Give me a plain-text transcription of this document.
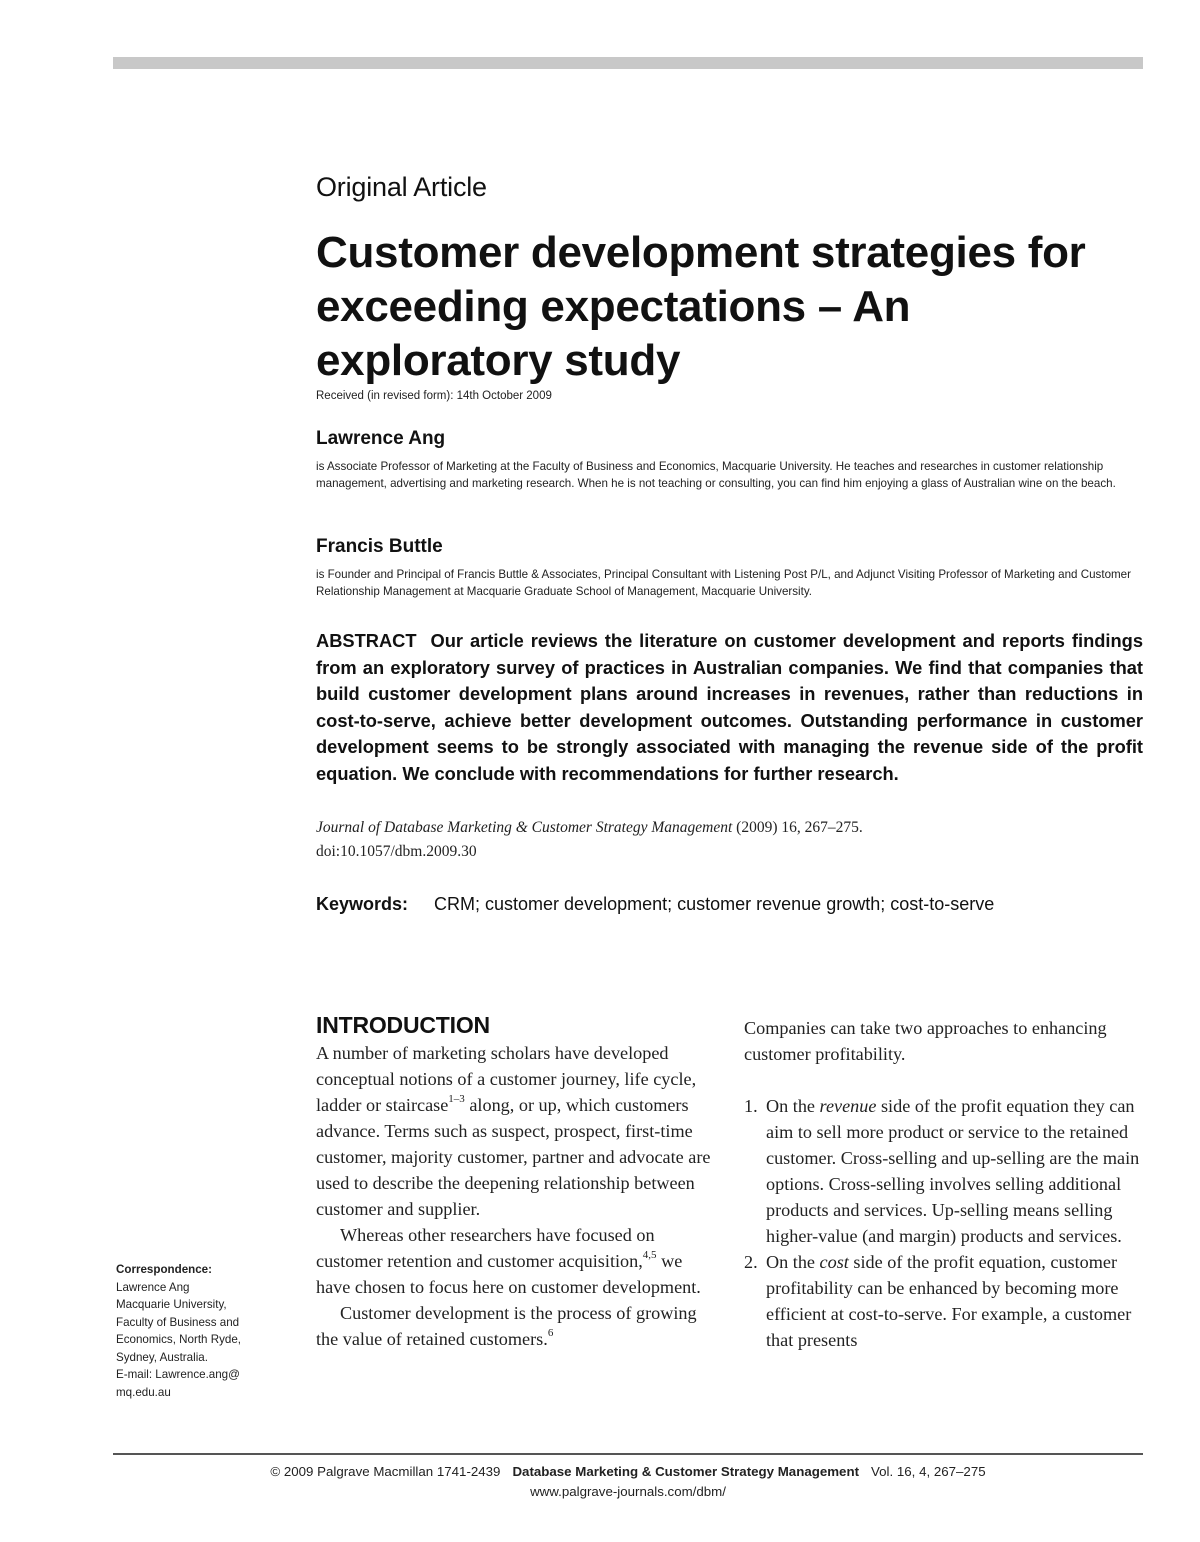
Original Article
Customer development strategies for exceeding expectations – An exploratory study
Received (in revised form): 14th October 2009
Lawrence Ang

is Associate Professor of Marketing at the Faculty of Business and Economics, Macquarie University. He teaches and researches in customer relationship management, advertising and marketing research. When he is not teaching or consulting, you can find him enjoying a glass of Australian wine on the beach.

Francis Buttle

is Founder and Principal of Francis Buttle & Associates, Principal Consultant with Listening Post P/L, and Adjunct Visiting Professor of Marketing and Customer Relationship Management at Macquarie Graduate School of Management, Macquarie University.

ABSTRACT Our article reviews the literature on customer development and reports findings from an exploratory survey of practices in Australian companies. We find that companies that build customer development plans around increases in revenues, rather than reductions in cost-to-serve, achieve better development outcomes. Outstanding performance in customer development seems to be strongly associated with managing the revenue side of the profit equation. We conclude with recommendations for further research.

Journal of Database Marketing & Customer Strategy Management (2009) 16, 267–275.
doi:10.1057/dbm.2009.30
Keywords: CRM; customer development; customer revenue growth; cost-to-serve
INTRODUCTION

A number of marketing scholars have developed conceptual notions of a customer journey, life cycle, ladder or staircase$^{1-3}$ along, or up, which customers advance. Terms such as suspect, prospect, first-time customer, majority customer, partner and advocate are used to describe the deepening relationship between customer and supplier.

Whereas other researchers have focused on customer retention and customer acquisition,$^{4,5}$ we have chosen to focus here on customer development.

Customer development is the process of growing the value of retained customers.$^6$

Companies can take two approaches to enhancing customer profitability.

1. On the revenue side of the profit equation they can aim to sell more product or service to the retained customer. Cross-selling and up-selling are the main options. Cross-selling involves selling additional products and services. Up-selling means selling higher-value (and margin) products and services.
2. On the cost side of the profit equation, customer profitability can be enhanced by becoming more efficient at cost-to-serve. For example, a customer that presents
Correspondence:
Lawrence Ang
Macquarie University,
Faculty of Business and
Economics, North Ryde,
Sydney, Australia.
E-mail: Lawrence.ang@
mq.edu.au
© 2009 Palgrave Macmillan 1741-2439 Database Marketing & Customer Strategy Management Vol. 16, 4, 267–275
www.palgrave-journals.com/dbm/
